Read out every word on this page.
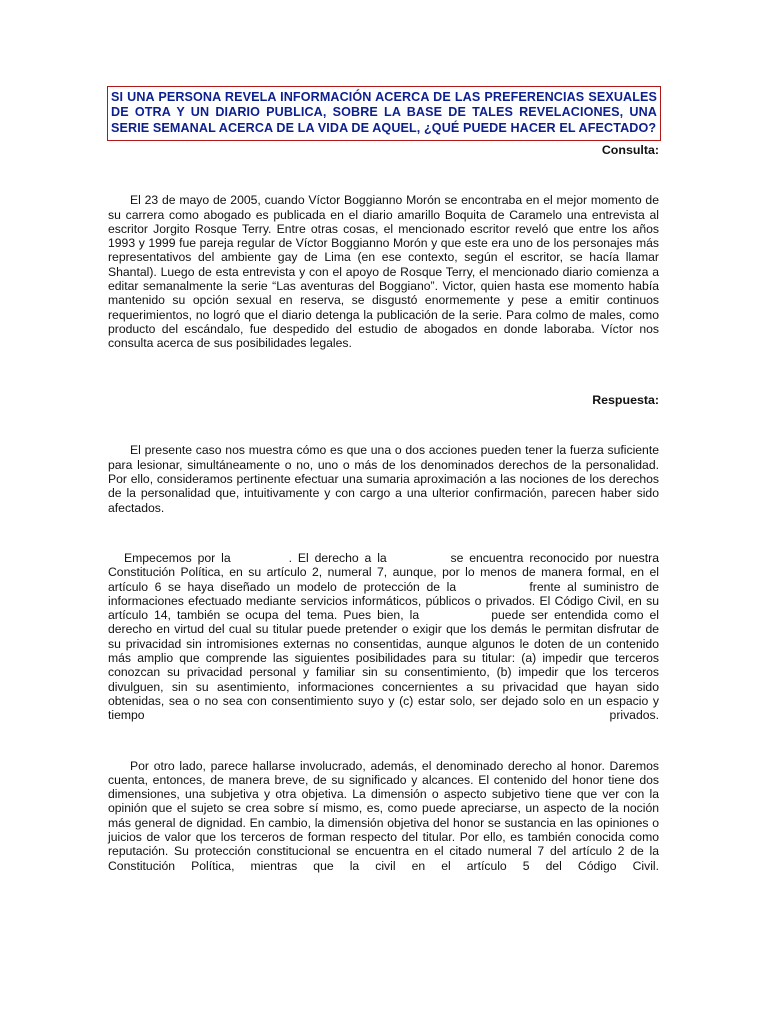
SI UNA PERSONA REVELA INFORMACIÓN ACERCA DE LAS PREFERENCIAS SEXUALES DE OTRA Y UN DIARIO PUBLICA, SOBRE LA BASE DE TALES REVELACIONES, UNA SERIE SEMANAL ACERCA DE LA VIDA DE AQUEL, ¿QUÉ PUEDE HACER EL AFECTADO?

Consulta:

El 23 de mayo de 2005, cuando Víctor Boggianno Morón se encontraba en el mejor momento de su carrera como abogado es publicada en el diario amarillo Boquita de Caramelo una entrevista al escritor Jorgito Rosque Terry. Entre otras cosas, el mencionado escritor reveló que entre los años 1993 y 1999 fue pareja regular de Víctor Boggianno Morón y que este era uno de los personajes más representativos del ambiente gay de Lima (en ese contexto, según el escritor, se hacía llamar Shantal). Luego de esta entrevista y con el apoyo de Rosque Terry, el mencionado diario comienza a editar semanalmente la serie “Las aventuras del Boggiano”. Victor, quien hasta ese momento había mantenido su opción sexual en reserva, se disgustó enormemente y pese a emitir continuos requerimientos, no logró que el diario detenga la publicación de la serie. Para colmo de males, como producto del escándalo, fue despedido del estudio de abogados en donde laboraba. Víctor nos consulta acerca de sus posibilidades legales.

Respuesta:

El presente caso nos muestra cómo es que una o dos acciones pueden tener la fuerza suficiente para lesionar, simultáneamente o no, uno o más de los denominados derechos de la personalidad. Por ello, consideramos pertinente efectuar una sumaria aproximación a las nociones de los derechos de la personalidad que, intuitivamente y con cargo a una ulterior confirmación, parecen haber sido afectados.

Empecemos por la	. El derecho a la	se encuentra reconocido por nuestra Constitución Política, en su artículo 2, numeral 7, aunque, por lo menos de manera formal, en el artículo 6 se haya diseñado un modelo de protección de la	frente al suministro de informaciones efectuado mediante servicios informáticos, públicos o privados. El Código Civil, en su artículo 14, también se ocupa del tema. Pues bien, la	puede ser entendida como el derecho en virtud del cual su titular puede pretender o exigir que los demás le permitan disfrutar de su privacidad sin intromisiones externas no consentidas, aunque algunos le doten de un contenido más amplio que comprende las siguientes posibilidades para su titular: (a) impedir que terceros conozcan su privacidad personal y familiar sin su consentimiento, (b) impedir que los terceros divulguen, sin su asentimiento, informaciones concernientes a su privacidad que hayan sido obtenidas, sea o no sea con consentimiento suyo y (c) estar solo, ser dejado solo en un espacio y tiempo privados.

Por otro lado, parece hallarse involucrado, además, el denominado derecho al honor. Daremos cuenta, entonces, de manera breve, de su significado y alcances. El contenido del honor tiene dos dimensiones, una subjetiva y otra objetiva. La dimensión o aspecto subjetivo tiene que ver con la opinión que el sujeto se crea sobre sí mismo, es, como puede apreciarse, un aspecto de la noción más general de dignidad. En cambio, la dimensión objetiva del honor se sustancia en las opiniones o juicios de valor que los terceros de forman respecto del titular. Por ello, es también conocida como reputación. Su protección constitucional se encuentra en el citado numeral 7 del artículo 2 de la Constitución Política, mientras que la civil en el artículo 5 del Código Civil.
